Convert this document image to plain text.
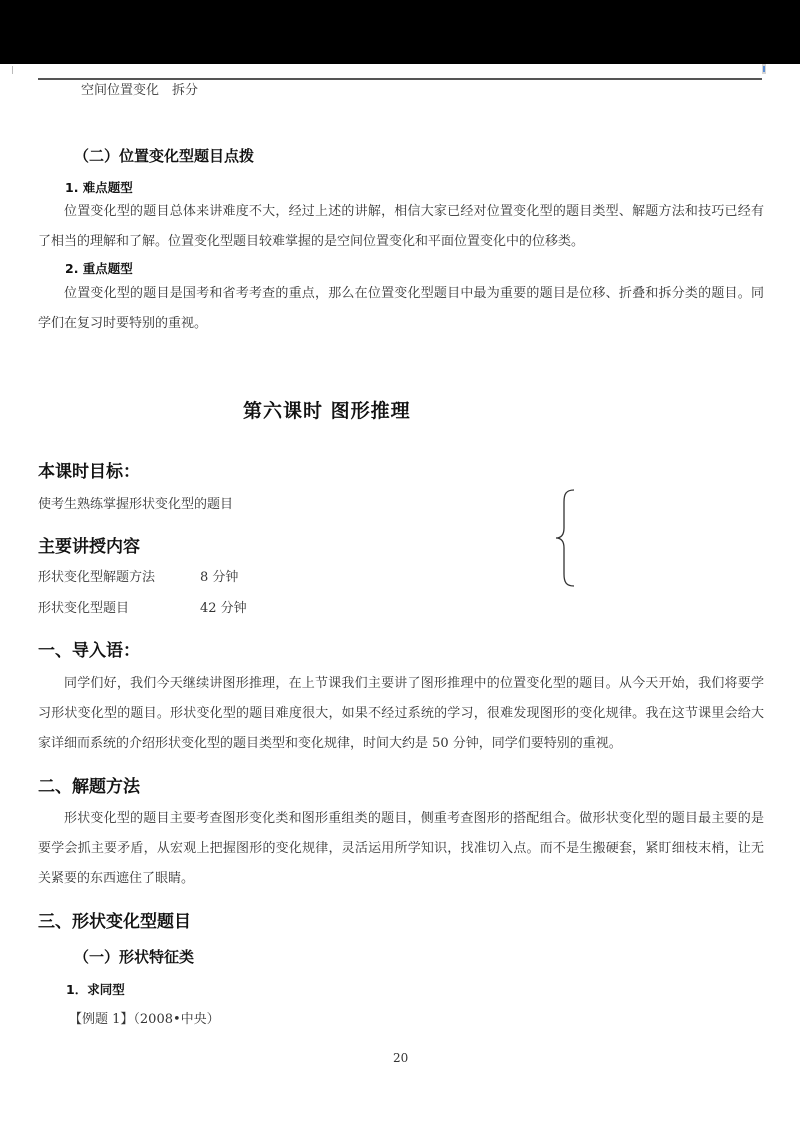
空间位置变化　拆分
（二）位置变化型题目点拨
1. 难点题型
位置变化型的题目总体来讲难度不大，经过上述的讲解，相信大家已经对位置变化型的题目类型、解题方法和技巧已经有了相当的理解和了解。位置变化型题目较难掌握的是空间位置变化和平面位置变化中的位移类。
2. 重点题型
位置变化型的题目是国考和省考考查的重点，那么在位置变化型题目中最为重要的题目是位移、折叠和拆分类的题目。同学们在复习时要特别的重视。
第六课时 图形推理
本课时目标：
使考生熟练掌握形状变化型的题目
主要讲授内容
形状变化型解题方法	8 分钟
形状变化型题目	42 分钟
一、导入语：
同学们好，我们今天继续讲图形推理，在上节课我们主要讲了图形推理中的位置变化型的题目。从今天开始，我们将要学习形状变化型的题目。形状变化型的题目难度很大，如果不经过系统的学习，很难发现图形的变化规律。我在这节课里会给大家详细而系统的介绍形状变化型的题目类型和变化规律，时间大约是 50 分钟，同学们要特别的重视。
二、解题方法
形状变化型的题目主要考查图形变化类和图形重组类的题目，侧重考查图形的搭配组合。做形状变化型的题目最主要的是要学会抓主要矛盾，从宏观上把握图形的变化规律，灵活运用所学知识，找准切入点。而不是生搬硬套，紧盯细枝末梢，让无关紧要的东西遮住了眼睛。
三、形状变化型题目
（一）形状特征类
1．求同型
【例题 1】（2008•中央）
20
